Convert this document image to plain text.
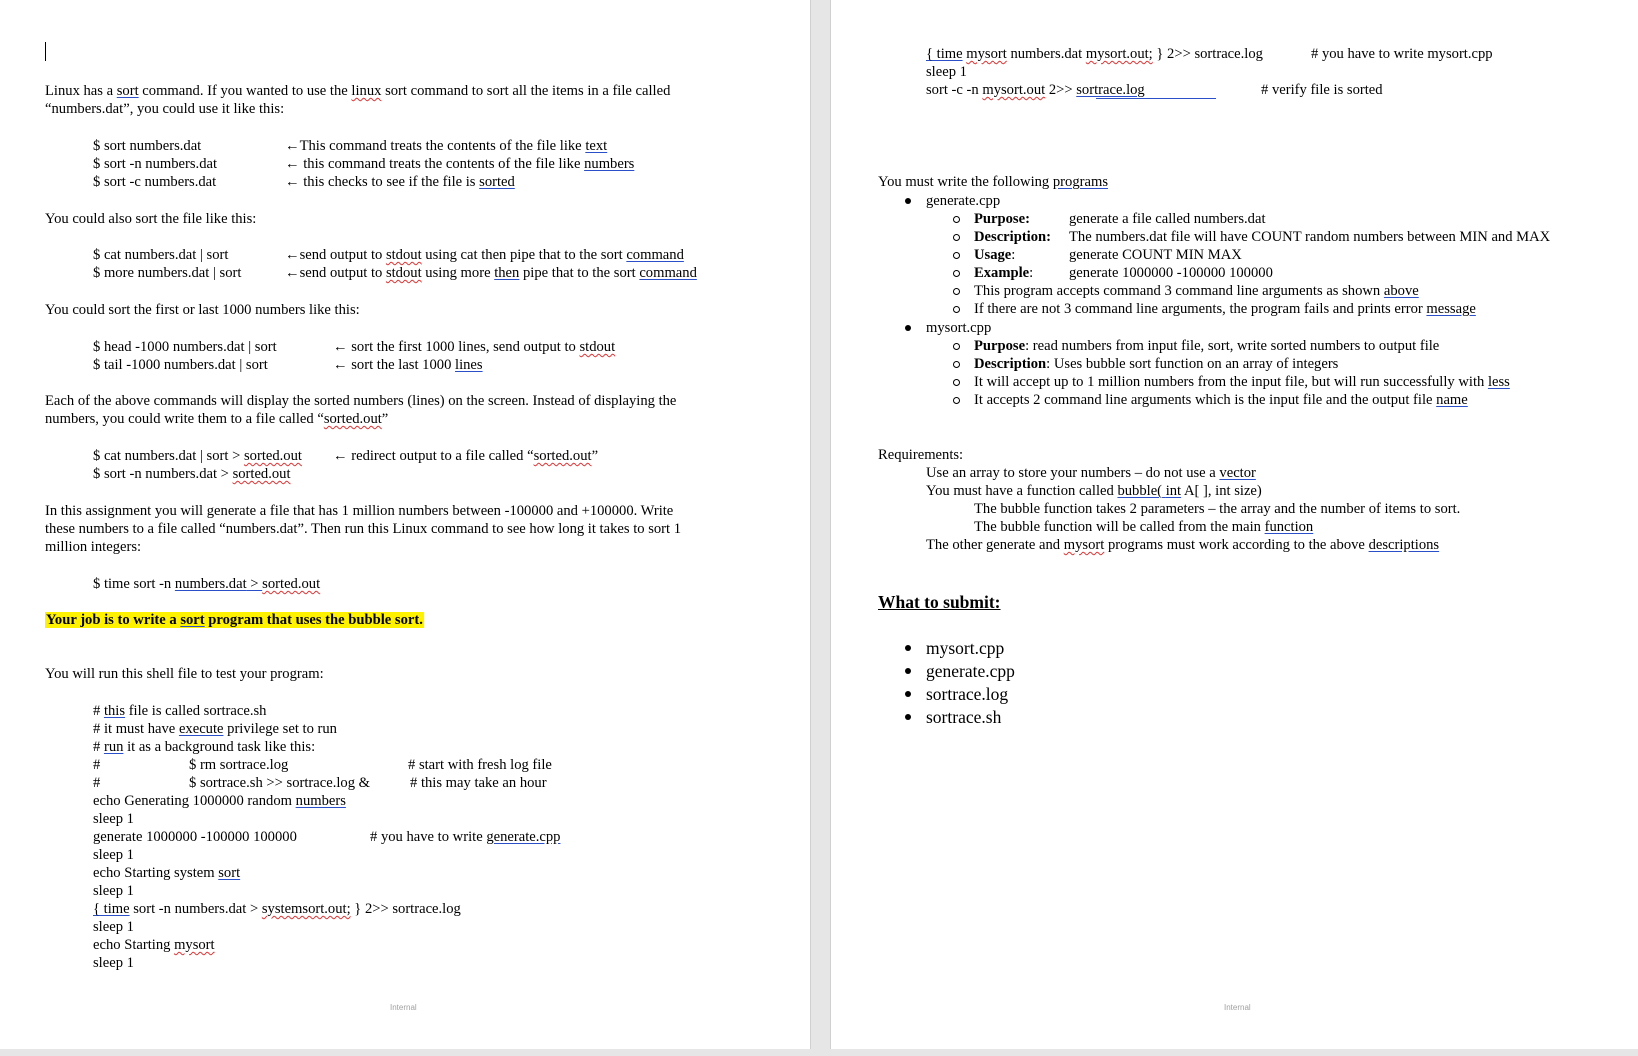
Linux has a sort command. If you wanted to use the linux sort command to sort all the items in a file called
“numbers.dat”, you could use it like this:
$ sort numbers.dat	←This command treats the contents of the file like text
$ sort -n numbers.dat	← this command treats the contents of the file like numbers
$ sort -c numbers.dat	← this checks to see if the file is sorted
You could also sort the file like this:
$ cat numbers.dat | sort	←send output to stdout using cat then pipe that to the sort command
$ more numbers.dat | sort	←send output to stdout using more then pipe that to the sort command
You could sort the first or last 1000 numbers like this:
$ head -1000 numbers.dat | sort	← sort the first 1000 lines, send output to stdout
$ tail -1000 numbers.dat | sort	← sort the last 1000 lines
Each of the above commands will display the sorted numbers (lines) on the screen. Instead of displaying the
numbers, you could write them to a file called “sorted.out”
$ cat numbers.dat | sort > sorted.out ← redirect output to a file called “sorted.out”
$ sort -n numbers.dat > sorted.out
In this assignment you will generate a file that has 1 million numbers between -100000 and +100000. Write
these numbers to a file called “numbers.dat”. Then run this Linux command to see how long it takes to sort 1
million integers:
$ time sort -n numbers.dat > sorted.out
Your job is to write a sort program that uses the bubble sort.
You will run this shell file to test your program:
# this file is called sortrace.sh
# it must have execute privilege set to run
# run it as a background task like this:
#	$ rm sortrace.log	# start with fresh log file
#	$ sortrace.sh >> sortrace.log &	# this may take an hour
echo Generating 1000000 random numbers
sleep 1
generate 1000000 -100000 100000	# you have to write generate.cpp
sleep 1
echo Starting system sort
sleep 1
{ time sort -n numbers.dat > systemsort.out; } 2>> sortrace.log
sleep 1
echo Starting mysort
sleep 1
Internal
{ time mysort numbers.dat mysort.out; } 2>> sortrace.log	# you have to write mysort.cpp
sleep 1
sort -c -n mysort.out 2>> sortrace.log	# verify file is sorted
You must write the following programs
generate.cpp
Purpose:	generate a file called numbers.dat
Description: The numbers.dat file will have COUNT random numbers between MIN and MAX
Usage:	generate COUNT MIN MAX
Example: generate 1000000 -100000 100000
This program accepts command 3 command line arguments as shown above
If there are not 3 command line arguments, the program fails and prints error message
mysort.cpp
Purpose: read numbers from input file, sort, write sorted numbers to output file
Description: Uses bubble sort function on an array of integers
It will accept up to 1 million numbers from the input file, but will run successfully with less
It accepts 2 command line arguments which is the input file and the output file name
Requirements:
Use an array to store your numbers – do not use a vector
You must have a function called bubble( int A[ ], int size)
The bubble function takes 2 parameters – the array and the number of items to sort.
The bubble function will be called from the main function
The other generate and mysort programs must work according to the above descriptions
What to submit:
mysort.cpp
generate.cpp
sortrace.log
sortrace.sh
Internal
